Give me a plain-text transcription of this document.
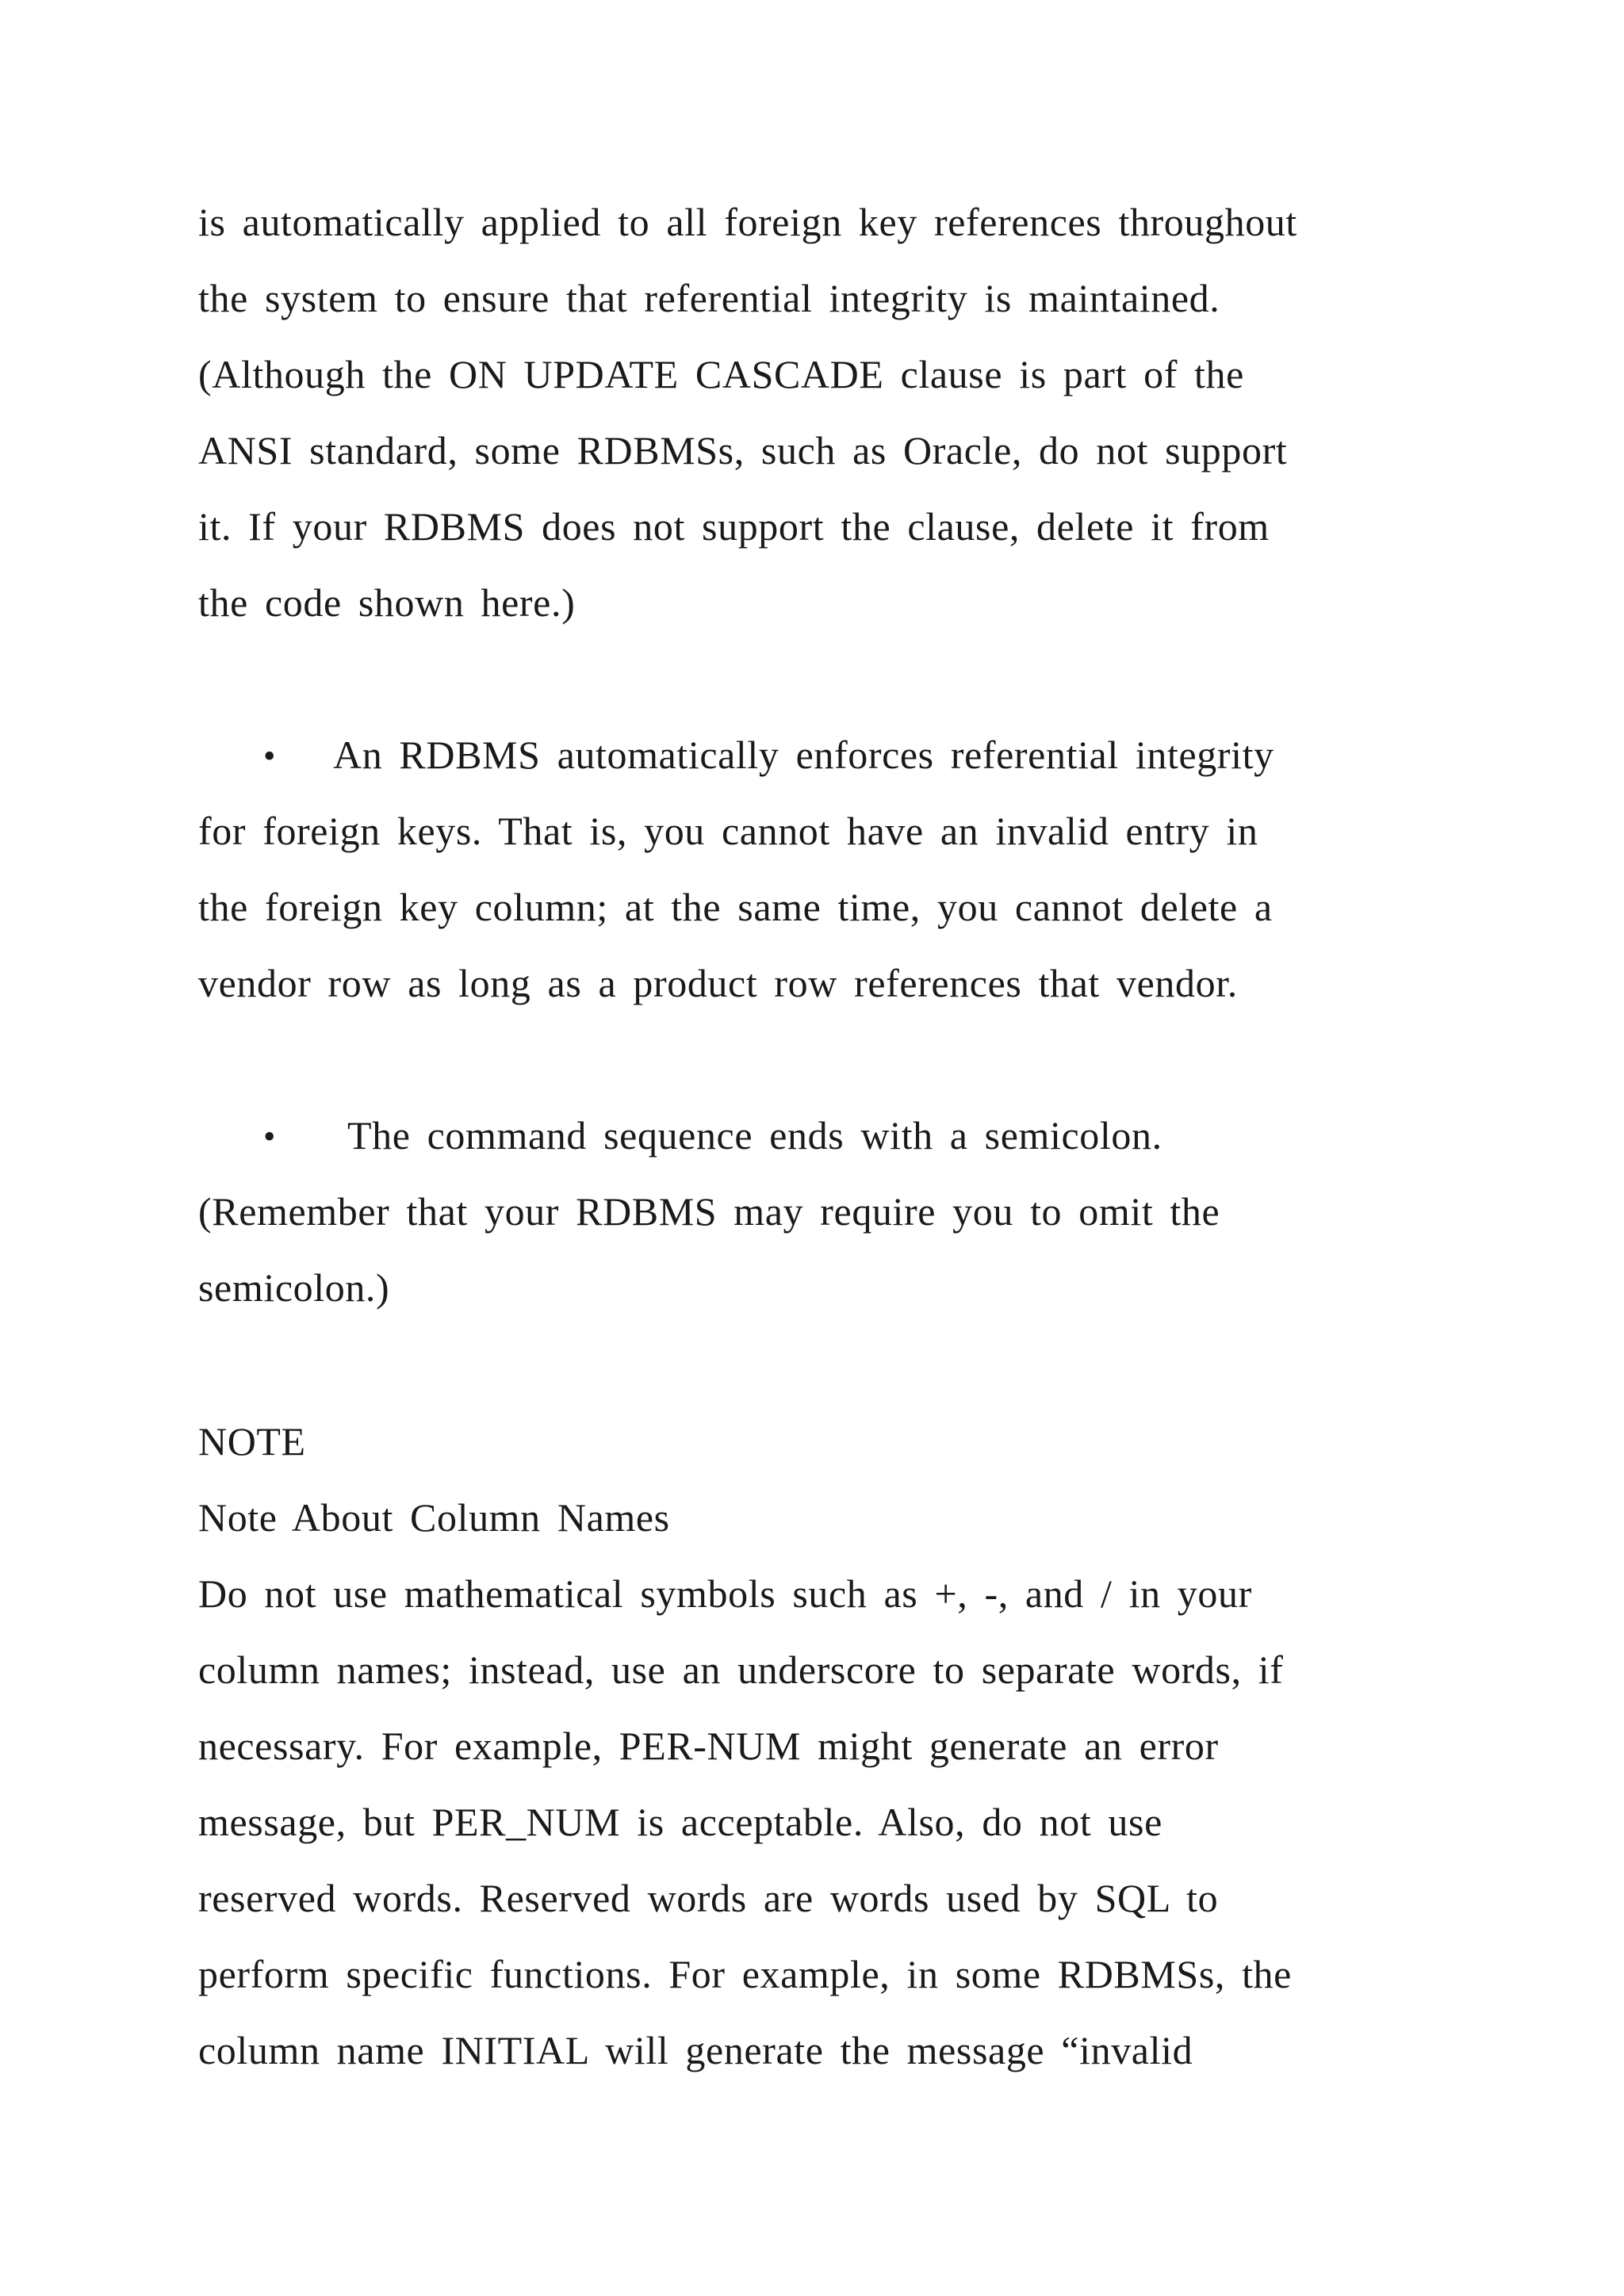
is automatically applied to all foreign key references throughout
the system to ensure that referential integrity is maintained.
(Although the ON UPDATE CASCADE clause is part of the
ANSI standard, some RDBMSs, such as Oracle, do not support
it. If your RDBMS does not support the clause, delete it from
the code shown here.)
• An RDBMS automatically enforces referential integrity
for foreign keys. That is, you cannot have an invalid entry in
the foreign key column; at the same time, you cannot delete a
vendor row as long as a product row references that vendor.
• The command sequence ends with a semicolon.
(Remember that your RDBMS may require you to omit the
semicolon.)
NOTE
Note About Column Names
Do not use mathematical symbols such as +, -, and / in your
column names; instead, use an underscore to separate words, if
necessary. For example, PER-NUM might generate an error
message, but PER_NUM is acceptable. Also, do not use
reserved words. Reserved words are words used by SQL to
perform specific functions. For example, in some RDBMSs, the
column name INITIAL will generate the message “invalid
